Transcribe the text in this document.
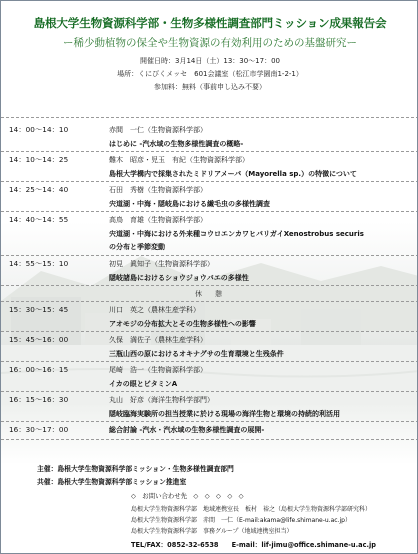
島根大学生物資源科学部・生物多様性調査部門ミッション成果報告会
ー稀少動植物の保全や生物資源の有効利用のための基盤研究ー
開催日時：3月14日（土）13：30～17：00
場所：くにびくメッセ　601会議室（松江市学園南1-2-1）
参加料：無料（事前申し込み不要）
14：00～14：10	赤間　一仁（生物資源科学部）
はじめに -汽水域の生物多様性調査の概略-
14：10～14：25	難木　昭彦・児玉　有紀（生物資源科学部）
島根大学構内で採集されたミドリアメーバ（Mayorella sp.）の特徴について
14：25～14：40	石田　秀樹（生物資源科学部）
宍道湖・中海・隠岐島における繊毛虫の多様性調査
14：40～14：55	高鳥　育雄（生物資源科学部）
宍道湖・中海における外来種コウロエンカワヒバリガイXenostrobus securis
の分布と季節変動
14：55～15：10	初見　眞知子（生物資源科学部）
隠岐諸島におけるショウジョウバエの多様性
休　憩
15：30～15：45	川口　英之（農林生産学科）
アオモジの分布拡大とその生物多様性への影響
15：45～16：00	久保　満佐子（農林生産学科）
三瓶山西の原におけるオキナグサの生育環境と生残条件
16：00～16：15	尾崎　浩一（生物資源科学部）
イカの眼とビタミンA
16：15～16：30	丸山　好彦（海洋生物科学部門）
隠岐臨海実験所の担当授業に於ける現場の海洋生物と環境の持続的利活用
16：30～17：00	総合討論 -汽水・汽水域の生物多様性調査の展開-
主催：島根大学生物資源科学部ミッション・生物多様性調査部門
共催：島根大学生物資源科学部ミッション推進室
◇　お問い合わせ先　◇　◇　◇　◇　◇
島根大学生物資源科学部　地域連携室長　板村　裕之（島根大学生物資源科学部研究科）
島根大学生物資源科学部　赤間　一仁（E-mail:akama@life.shimane-u.ac.jp）
島根大学生物資源科学部　事務グループ（地域連携室担当）
TEL/FAX：0852-32-6538　　E-mail：lif-jimu@office.shimane-u.ac.jp
